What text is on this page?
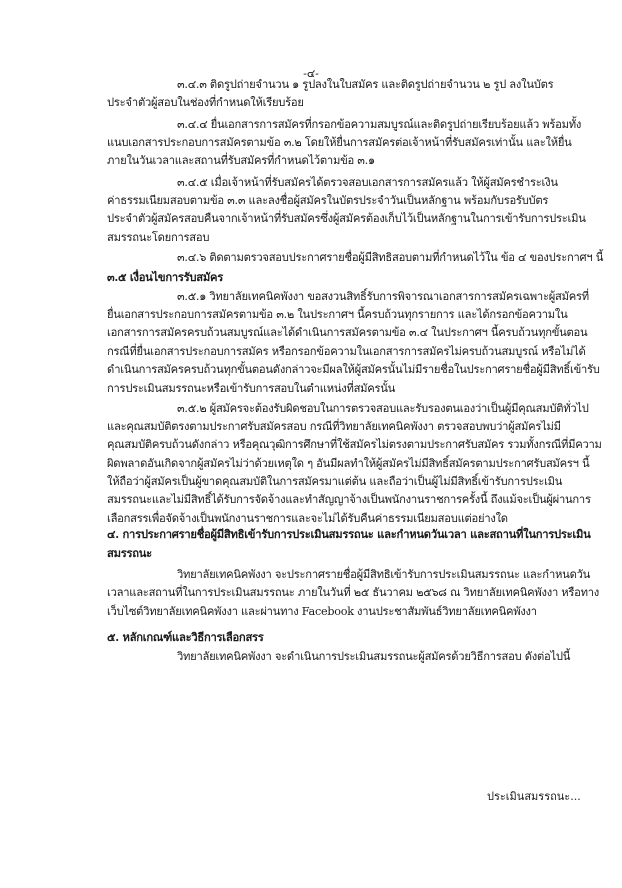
-๔-
๓.๔.๓ ติดรูปถ่ายจำนวน ๑ รูปลงในใบสมัคร และติดรูปถ่ายจำนวน ๒ รูป ลงในบัตร
ประจำตัวผู้สอบในช่องที่กำหนดให้เรียบร้อย
๓.๔.๔ ยื่นเอกสารการสมัครที่กรอกข้อความสมบูรณ์และติดรูปถ่ายเรียบร้อยแล้ว พร้อมทั้ง
แนบเอกสารประกอบการสมัครตามข้อ ๓.๒ โดยให้ยื่นการสมัครต่อเจ้าหน้าที่รับสมัครเท่านั้น และให้ยื่น
ภายในวันเวลาและสถานที่รับสมัครที่กำหนดไว้ตามข้อ ๓.๑
๓.๔.๕ เมื่อเจ้าหน้าที่รับสมัครได้ตรวจสอบเอกสารการสมัครแล้ว ให้ผู้สมัครชำระเงิน
ค่าธรรมเนียมสอบตามข้อ ๓.๓ และลงชื่อผู้สมัครในบัตรประจำวันเป็นหลักฐาน พร้อมกับรอรับบัตร
ประจำตัวผู้สมัครสอบคืนจากเจ้าหน้าที่รับสมัครซึ่งผู้สมัครต้องเก็บไว้เป็นหลักฐานในการเข้ารับการประเมิน
สมรรถนะโดยการสอบ
๓.๔.๖ ติดตามตรวจสอบประกาศรายชื่อผู้มีสิทธิสอบตามที่กำหนดไว้ใน ข้อ ๔ ของประกาศฯ นี้
๓.๕ เงื่อนไขการรับสมัคร
๓.๕.๑ วิทยาลัยเทคนิคพังงา ขอสงวนสิทธิ์รับการพิจารณาเอกสารการสมัครเฉพาะผู้สมัครที่
ยื่นเอกสารประกอบการสมัครตามข้อ ๓.๒ ในประกาศฯ นี้ครบถ้วนทุกรายการ และได้กรอกข้อความใน
เอกสารการสมัครครบถ้วนสมบูรณ์และได้ดำเนินการสมัครตามข้อ ๓.๔ ในประกาศฯ นี้ครบถ้วนทุกขั้นตอน
กรณีที่ยื่นเอกสารประกอบการสมัคร หรือกรอกข้อความในเอกสารการสมัครไม่ครบถ้วนสมบูรณ์ หรือไม่ได้
ดำเนินการสมัครครบถ้วนทุกขั้นตอนดังกล่าวจะมีผลให้ผู้สมัครนั้นไม่มีรายชื่อในประกาศรายชื่อผู้มีสิทธิ์เข้ารับ
การประเมินสมรรถนะหรือเข้ารับการสอบในตำแหน่งที่สมัครนั้น
๓.๕.๒ ผู้สมัครจะต้องรับผิดชอบในการตรวจสอบและรับรองตนเองว่าเป็นผู้มีคุณสมบัติทั่วไป
และคุณสมบัติตรงตามประกาศรับสมัครสอบ กรณีที่วิทยาลัยเทคนิคพังงา ตรวจสอบพบว่าผู้สมัครไม่มี
คุณสมบัติครบถ้วนดังกล่าว หรือคุณวุฒิการศึกษาที่ใช้สมัครไม่ตรงตามประกาศรับสมัคร รวมทั้งกรณีที่มีความ
ผิดพลาดอันเกิดจากผู้สมัครไม่ว่าด้วยเหตุใด ๆ อันมีผลทำให้ผู้สมัครไม่มีสิทธิ์สมัครตามประกาศรับสมัครฯ นี้
ให้ถือว่าผู้สมัครเป็นผู้ขาดคุณสมบัติในการสมัครมาแต่ต้น และถือว่าเป็นผู้ไม่มีสิทธิ์เข้ารับการประเมิน
สมรรถนะและไม่มีสิทธิ์ได้รับการจัดจ้างและทำสัญญาจ้างเป็นพนักงานราชการครั้งนี้ ถึงแม้จะเป็นผู้ผ่านการ
เลือกสรรเพื่อจัดจ้างเป็นพนักงานราชการและจะไม่ได้รับคืนค่าธรรมเนียมสอบแต่อย่างใด
๔. การประกาศรายชื่อผู้มีสิทธิเข้ารับการประเมินสมรรถนะ และกำหนดวันเวลา และสถานที่ในการประเมิน
สมรรถนะ
วิทยาลัยเทคนิคพังงา จะประกาศรายชื่อผู้มีสิทธิเข้ารับการประเมินสมรรถนะ และกำหนดวัน
เวลาและสถานที่ในการประเมินสมรรถนะ ภายในวันที่ ๒๕ ธันวาคม ๒๕๖๘ ณ วิทยาลัยเทคนิคพังงา หรือทาง
เว็บไซต์วิทยาลัยเทคนิคพังงา และผ่านทาง Facebook งานประชาสัมพันธ์วิทยาลัยเทคนิคพังงา
๕. หลักเกณฑ์และวิธีการเลือกสรร
วิทยาลัยเทคนิคพังงา จะดำเนินการประเมินสมรรถนะผู้สมัครด้วยวิธีการสอบ ดังต่อไปนี้
ประเมินสมรรถนะ...
